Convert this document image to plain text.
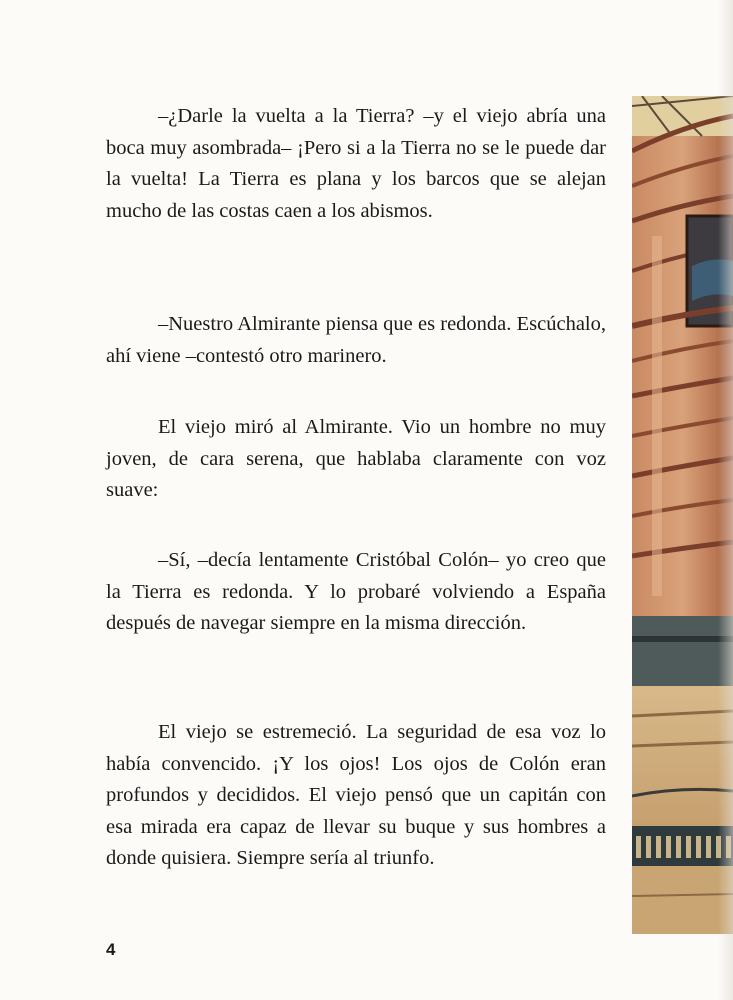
–¿Darle la vuelta a la Tierra? –y el viejo abría una boca muy asombrada– ¡Pero si a la Tierra no se le puede dar la vuelta! La Tierra es plana y los barcos que se alejan mucho de las costas caen a los abismos.

–Nuestro Almirante piensa que es redonda. Escúchalo, ahí viene –contestó otro marinero.

El viejo miró al Almirante. Vio un hombre no muy joven, de cara serena, que hablaba claramente con voz suave:

–Sí, –decía lentamente Cristóbal Colón– yo creo que la Tierra es redonda. Y lo probaré volviendo a España después de navegar siempre en la misma dirección.

El viejo se estremeció. La seguridad de esa voz lo había convencido. ¡Y los ojos! Los ojos de Colón eran profundos y decididos. El viejo pensó que un capitán con esa mirada era capaz de llevar su buque y sus hombres a donde quisiera. Siempre sería al triunfo.

4
